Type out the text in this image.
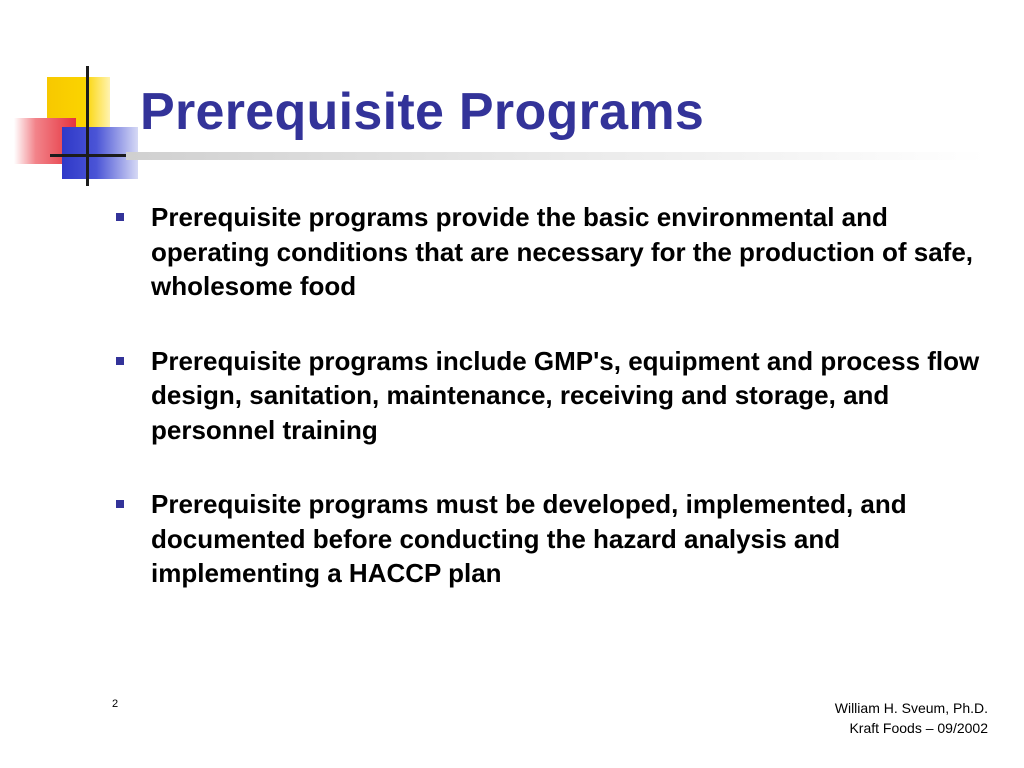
Prerequisite Programs
Prerequisite programs provide the basic environmental and operating conditions that are necessary for the production of safe, wholesome food
Prerequisite programs include GMP's, equipment and process flow design, sanitation, maintenance, receiving and storage, and personnel training
Prerequisite programs must be developed, implemented, and documented before conducting the hazard analysis and implementing a HACCP plan
2	William H. Sveum, Ph.D.
Kraft Foods – 09/2002
